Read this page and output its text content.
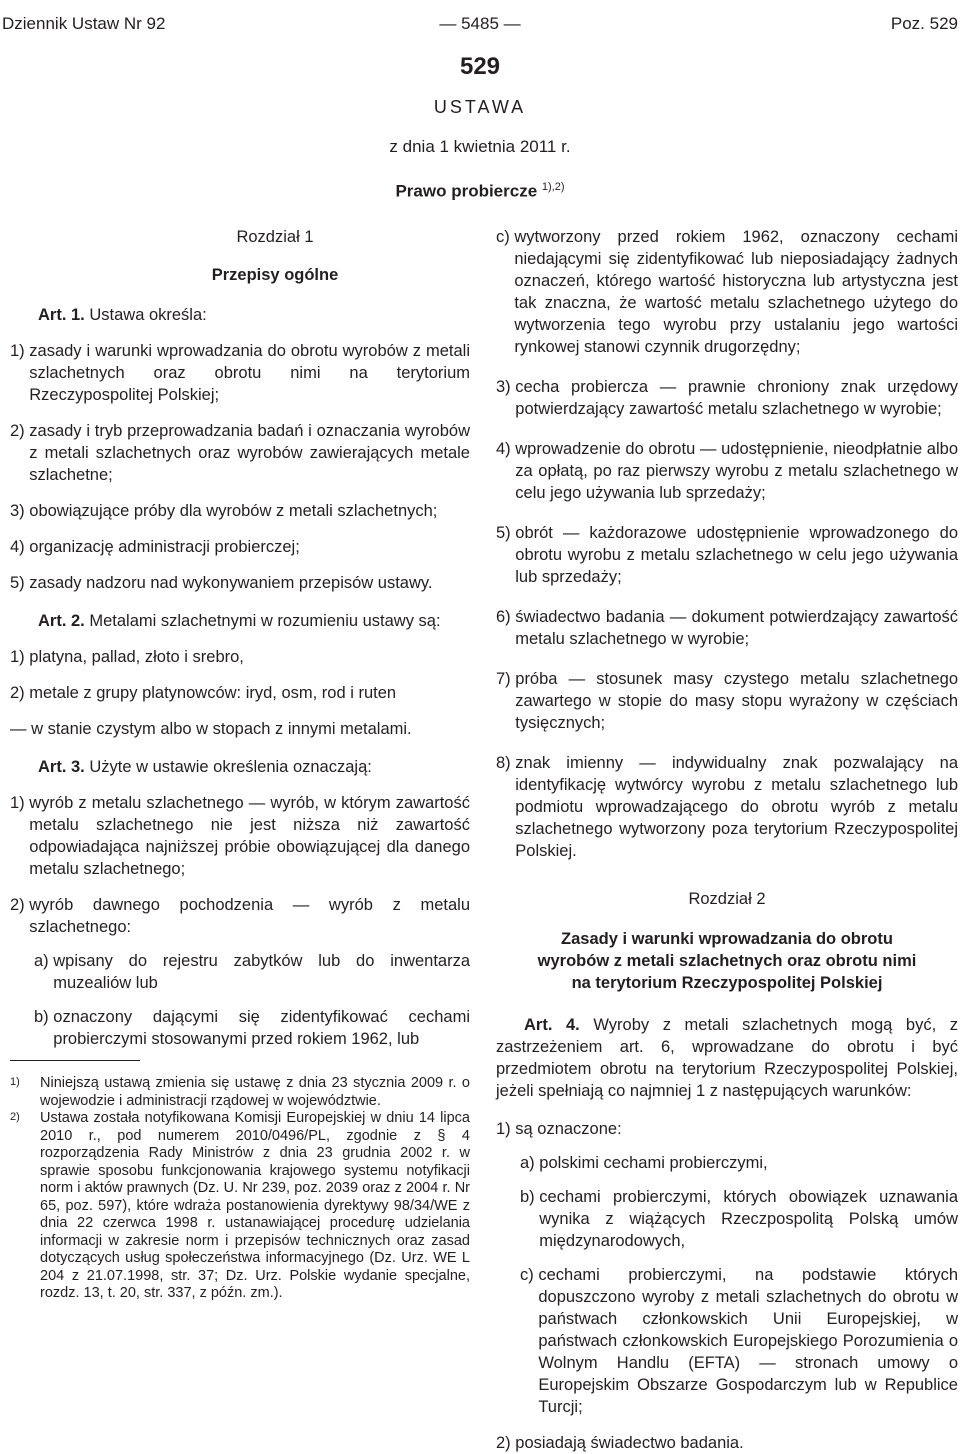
Dziennik Ustaw Nr 92	— 5485 —	Poz. 529
529
USTAWA
z dnia 1 kwietnia 2011 r.
Prawo probiercze $^{1),2)}$

Rozdział 1

Przepisy ogólne

Art. 1. Ustawa określa:

1)
zasady i warunki wprowadzania do obrotu wyrobów z metali szlachetnych oraz obrotu nimi na terytorium Rzeczypospolitej Polskiej;
2)
zasady i tryb przeprowadzania badań i oznaczania wyrobów z metali szlachetnych oraz wyrobów zawierających metale szlachetne;
3)
obowiązujące próby dla wyrobów z metali szlachetnych;
4)
organizację administracji probierczej;
5)
zasady nadzoru nad wykonywaniem przepisów ustawy.

Art. 2. Metalami szlachetnymi w rozumieniu ustawy są:

1)
platyna, pallad, złoto i srebro,
2)
metale z grupy platynowców: iryd, osm, rod i ruten

— w stanie czystym albo w stopach z innymi metalami.

Art. 3. Użyte w ustawie określenia oznaczają:

1)
wyrób z metalu szlachetnego — wyrób, w którym zawartość metalu szlachetnego nie jest niższa niż zawartość odpowiadająca najniższej próbie obowiązującej dla danego metalu szlachetnego;
2)
wyrób dawnego pochodzenia — wyrób z metalu szlachetnego:
a)
wpisany do rejestru zabytków lub do inwentarza muzealiów lub
b)
oznaczony dającymi się zidentyfikować cechami probierczymi stosowanymi przed rokiem 1962, lub
1)	Niniejszą ustawą zmienia się ustawę z dnia 23 stycznia 2009 r. o wojewodzie i administracji rządowej w województwie.
2)	Ustawa została notyfikowana Komisji Europejskiej w dniu 14 lipca 2010 r., pod numerem 2010/0496/PL, zgodnie z § 4 rozporządzenia Rady Ministrów z dnia 23 grudnia 2002 r. w sprawie sposobu funkcjonowania krajowego systemu notyfikacji norm i aktów prawnych (Dz. U. Nr 239, poz. 2039 oraz z 2004 r. Nr 65, poz. 597), które wdraża postanowienia dyrektywy 98/34/WE z dnia 22 czerwca 1998 r. ustanawiającej procedurę udzielania informacji w zakresie norm i przepisów technicznych oraz zasad dotyczących usług społeczeństwa informacyjnego (Dz. Urz. WE L 204 z 21.07.1998, str. 37; Dz. Urz. Polskie wydanie specjalne, rozdz. 13, t. 20, str. 337, z późn. zm.).
c)
wytworzony przed rokiem 1962, oznaczony cechami niedającymi się zidentyfikować lub nieposiadający żadnych oznaczeń, którego wartość historyczna lub artystyczna jest tak znaczna, że wartość metalu szlachetnego użytego do wytworzenia tego wyrobu przy ustalaniu jego wartości rynkowej stanowi czynnik drugorzędny;
3)
cecha probiercza — prawnie chroniony znak urzędowy potwierdzający zawartość metalu szlachetnego w wyrobie;
4)
wprowadzenie do obrotu — udostępnienie, nieodpłatnie albo za opłatą, po raz pierwszy wyrobu z metalu szlachetnego w celu jego używania lub sprzedaży;
5)
obrót — każdorazowe udostępnienie wprowadzonego do obrotu wyrobu z metalu szlachetnego w celu jego używania lub sprzedaży;
6)
świadectwo badania — dokument potwierdzający zawartość metalu szlachetnego w wyrobie;
7)
próba — stosunek masy czystego metalu szlachetnego zawartego w stopie do masy stopu wyrażony w częściach tysięcznych;
8)
znak imienny — indywidualny znak pozwalający na identyfikację wytwórcy wyrobu z metalu szlachetnego lub podmiotu wprowadzającego do obrotu wyrób z metalu szlachetnego wytworzony poza terytorium Rzeczypospolitej Polskiej.

Rozdział 2

Zasady i warunki wprowadzania do obrotu

wyrobów z metali szlachetnych oraz obrotu nimi

na terytorium Rzeczypospolitej Polskiej

Art. 4. Wyroby z metali szlachetnych mogą być, z zastrzeżeniem art. 6, wprowadzane do obrotu i być przedmiotem obrotu na terytorium Rzeczypospolitej Polskiej, jeżeli spełniają co najmniej 1 z następujących warunków:

1)
są oznaczone:
a)
polskimi cechami probierczymi,
b)
cechami probierczymi, których obowiązek uznawania wynika z wiążących Rzeczpospolitą Polską umów międzynarodowych,
c)
cechami probierczymi, na podstawie których dopuszczono wyroby z metali szlachetnych do obrotu w państwach członkowskich Unii Europejskiej, w państwach członkowskich Europejskiego Porozumienia o Wolnym Handlu (EFTA) — stronach umowy o Europejskim Obszarze Gospodarczym lub w Republice Turcji;
2)
posiadają świadectwo badania.
